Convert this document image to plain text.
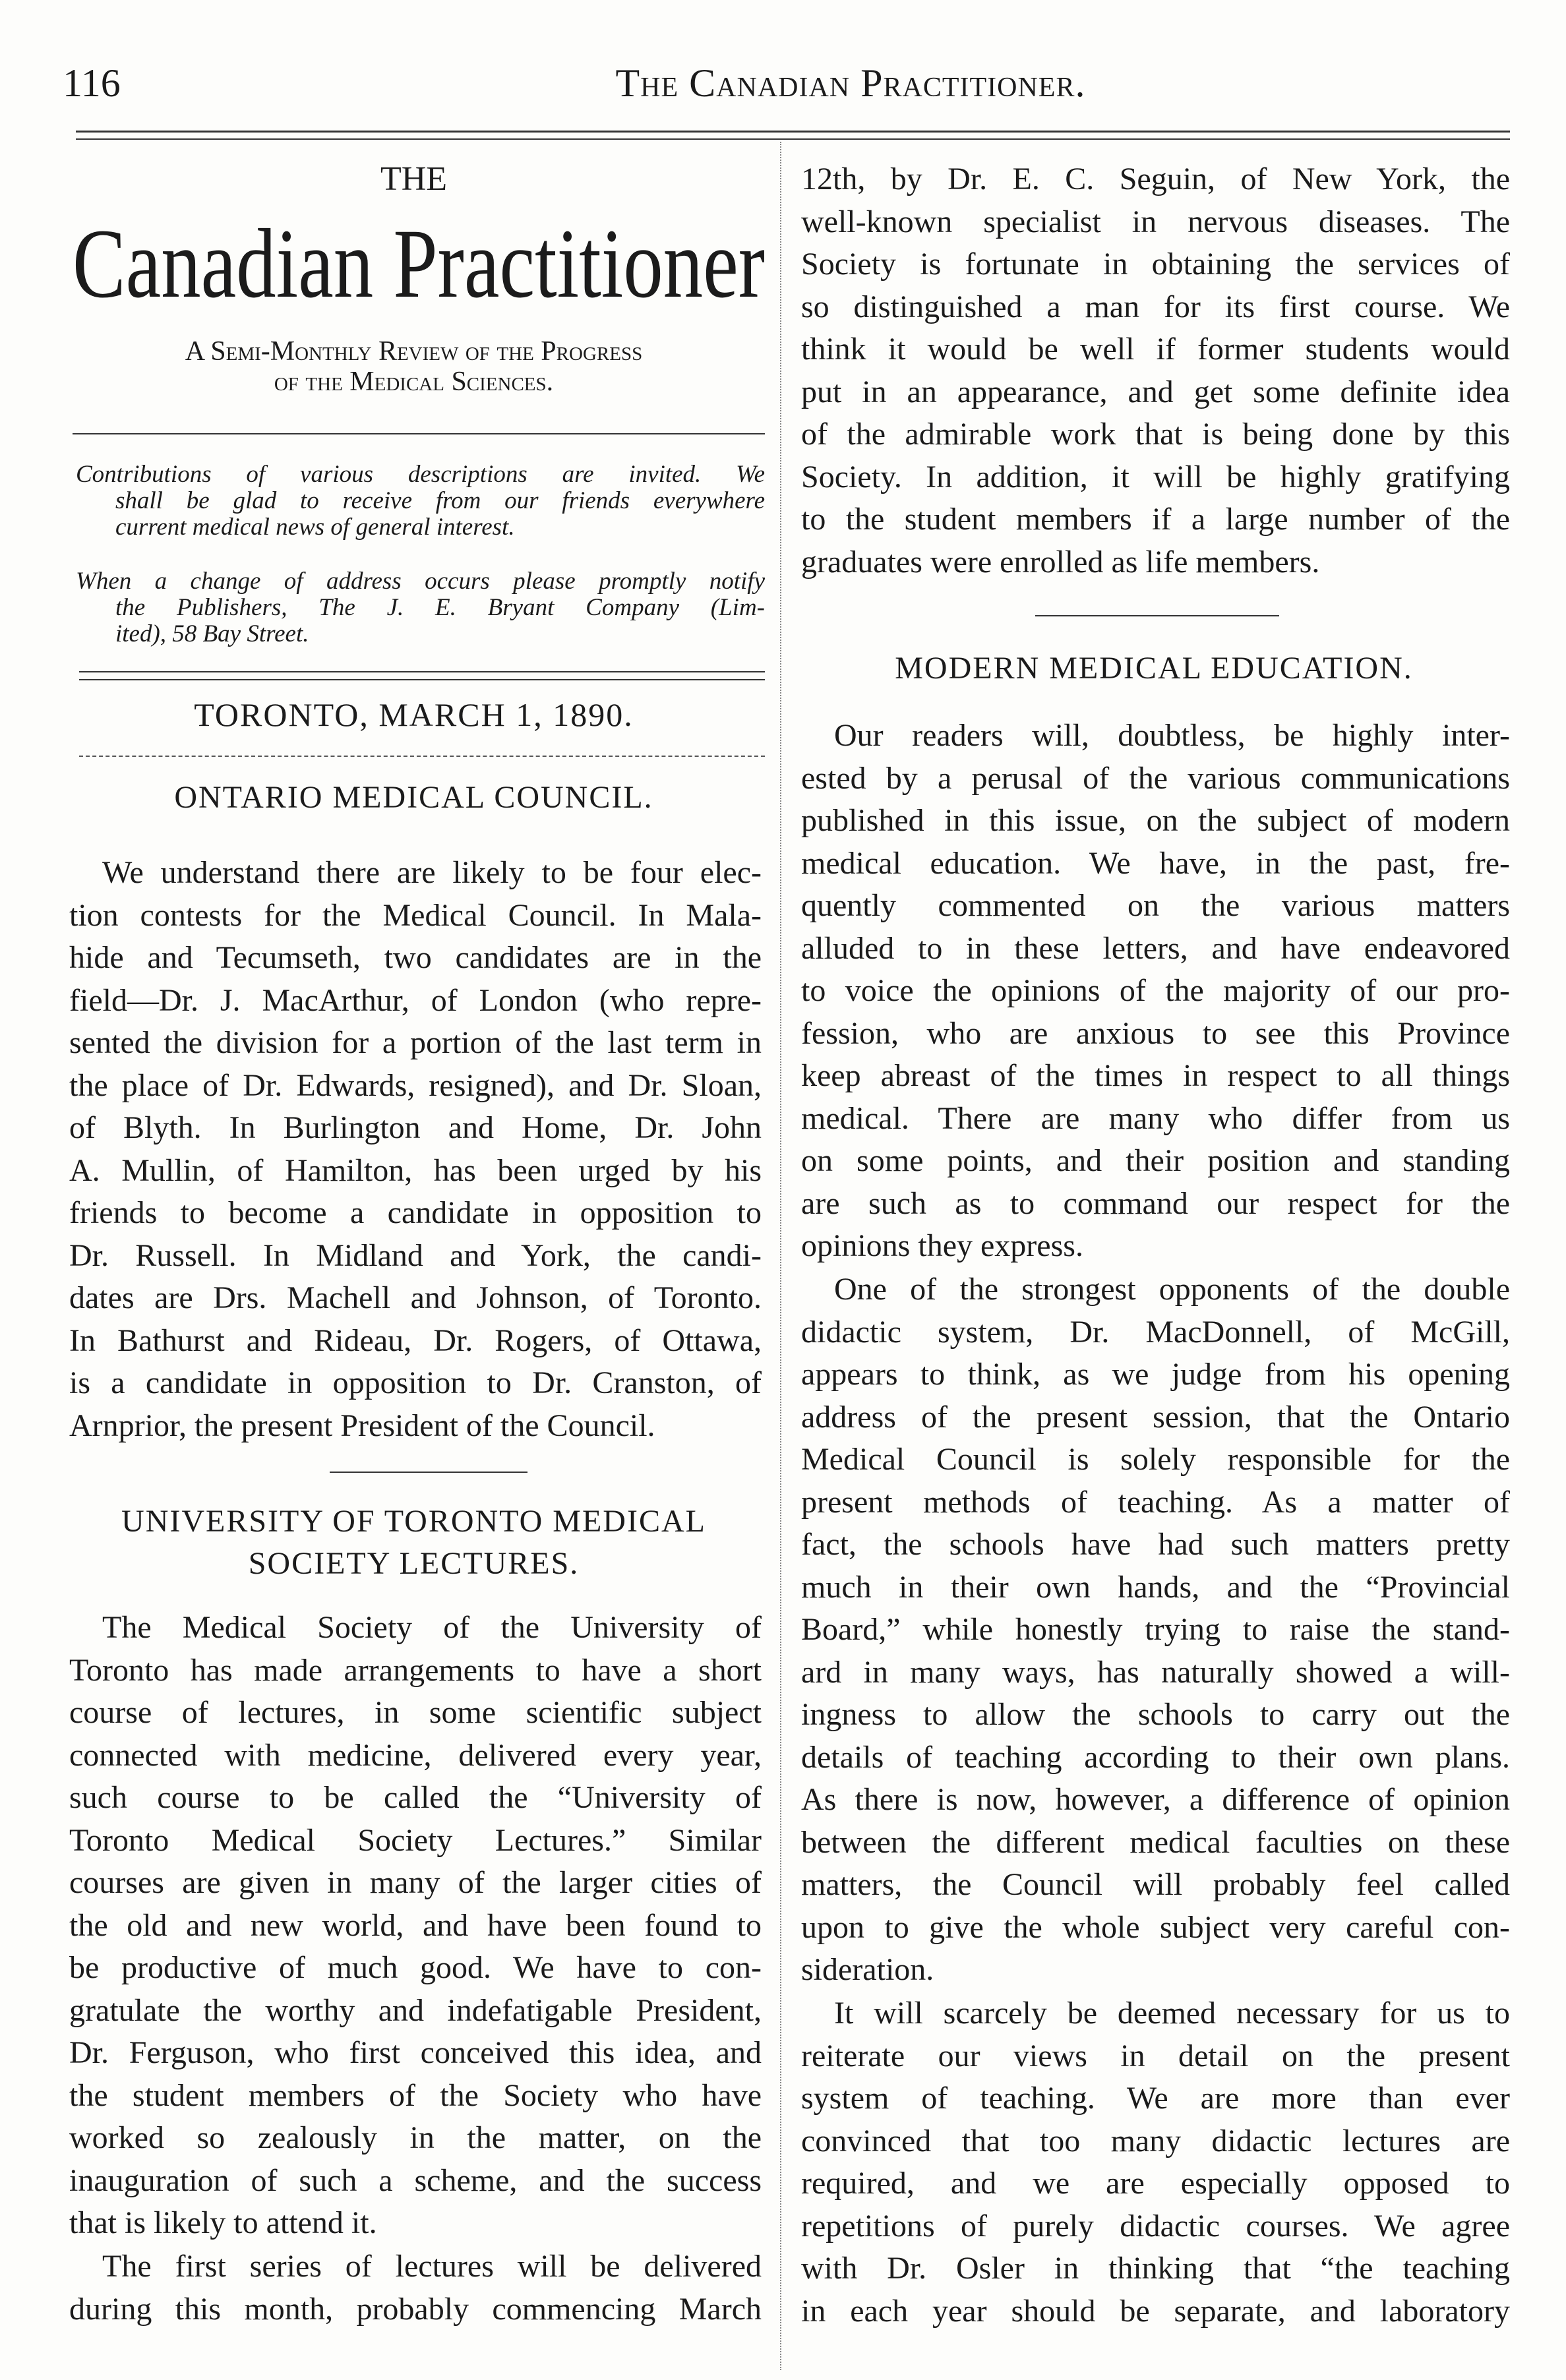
116	The Canadian Practitioner.
THE
Canadian Practitioner
A Semi-Monthly Review of the Progress
of the Medical Sciences.
Contributions of various descriptions are invited. We
shall be glad to receive from our friends everywhere
current medical news of general interest.
When a change of address occurs please promptly notify
the Publishers, The J. E. Bryant Company (Lim-
ited), 58 Bay Street.
TORONTO, MARCH 1, 1890.
ONTARIO MEDICAL COUNCIL.
We understand there are likely to be four elec-
tion contests for the Medical Council. In Mala-
hide and Tecumseth, two candidates are in the
field—Dr. J. MacArthur, of London (who repre-
sented the division for a portion of the last term in
the place of Dr. Edwards, resigned), and Dr. Sloan,
of Blyth. In Burlington and Home, Dr. John
A. Mullin, of Hamilton, has been urged by his
friends to become a candidate in opposition to
Dr. Russell. In Midland and York, the candi-
dates are Drs. Machell and Johnson, of Toronto.
In Bathurst and Rideau, Dr. Rogers, of Ottawa,
is a candidate in opposition to Dr. Cranston, of
Arnprior, the present President of the Council.
UNIVERSITY OF TORONTO MEDICAL
SOCIETY LECTURES.
The Medical Society of the University of
Toronto has made arrangements to have a short
course of lectures, in some scientific subject
connected with medicine, delivered every year,
such course to be called the “University of
Toronto Medical Society Lectures.” Similar
courses are given in many of the larger cities of
the old and new world, and have been found to
be productive of much good. We have to con-
gratulate the worthy and indefatigable President,
Dr. Ferguson, who first conceived this idea, and
the student members of the Society who have
worked so zealously in the matter, on the
inauguration of such a scheme, and the success
that is likely to attend it.
The first series of lectures will be delivered
during this month, probably commencing March
12th, by Dr. E. C. Seguin, of New York, the
well-known specialist in nervous diseases. The
Society is fortunate in obtaining the services of
so distinguished a man for its first course. We
think it would be well if former students would
put in an appearance, and get some definite idea
of the admirable work that is being done by this
Society. In addition, it will be highly gratifying
to the student members if a large number of the
graduates were enrolled as life members.
MODERN MEDICAL EDUCATION.
Our readers will, doubtless, be highly inter-
ested by a perusal of the various communications
published in this issue, on the subject of modern
medical education. We have, in the past, fre-
quently commented on the various matters
alluded to in these letters, and have endeavored
to voice the opinions of the majority of our pro-
fession, who are anxious to see this Province
keep abreast of the times in respect to all things
medical. There are many who differ from us
on some points, and their position and standing
are such as to command our respect for the
opinions they express.
One of the strongest opponents of the double
didactic system, Dr. MacDonnell, of McGill,
appears to think, as we judge from his opening
address of the present session, that the Ontario
Medical Council is solely responsible for the
present methods of teaching. As a matter of
fact, the schools have had such matters pretty
much in their own hands, and the “Provincial
Board,” while honestly trying to raise the stand-
ard in many ways, has naturally showed a will-
ingness to allow the schools to carry out the
details of teaching according to their own plans.
As there is now, however, a difference of opinion
between the different medical faculties on these
matters, the Council will probably feel called
upon to give the whole subject very careful con-
sideration.
It will scarcely be deemed necessary for us to
reiterate our views in detail on the present
system of teaching. We are more than ever
convinced that too many didactic lectures are
required, and we are especially opposed to
repetitions of purely didactic courses. We agree
with Dr. Osler in thinking that “the teaching
in each year should be separate, and laboratory
